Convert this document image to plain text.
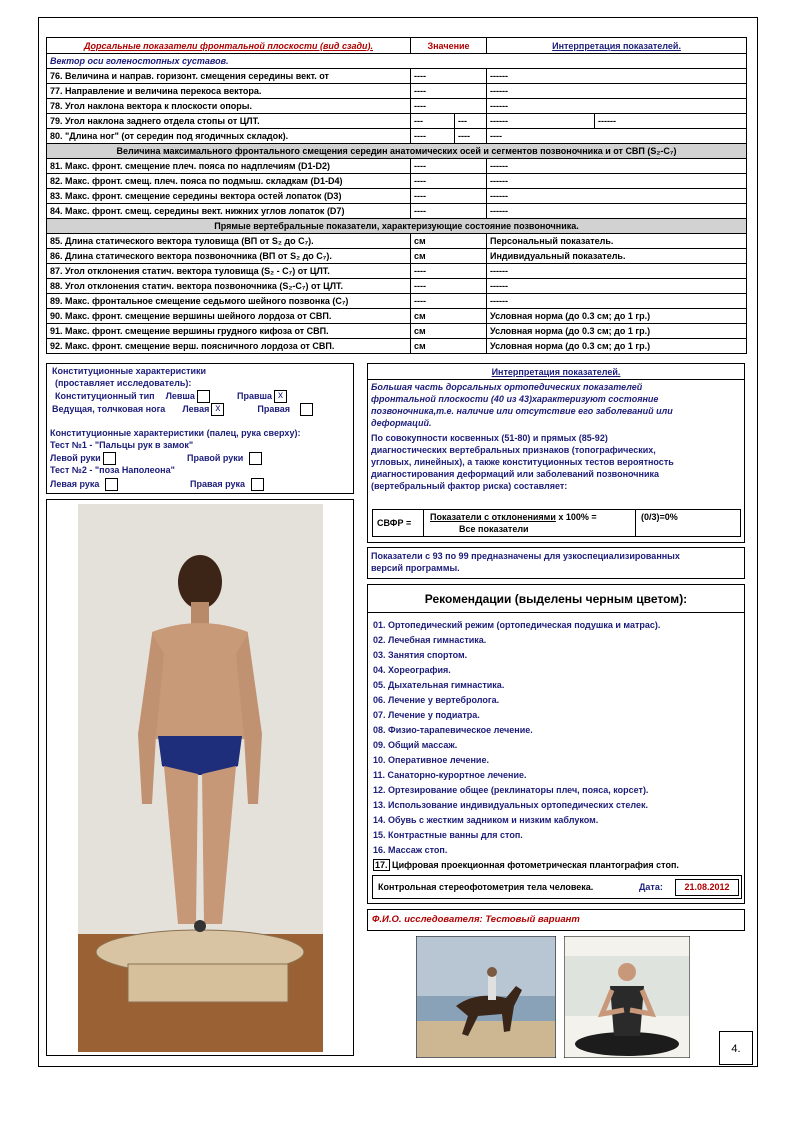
Дорсальные показатели фронтальной плоскости (вид сзади).	Значение		Интерпретация показателей.	
Вектор оси голеностопных суставов.				
76. Величина и направ. горизонт. смещения середины вект. от	----		------	
77. Направление и величина перекоса вектора.	----		------	
78. Угол наклона вектора к плоскости опоры.	----		------	
79. Угол наклона заднего отдела стопы от ЦЛТ.	---	---	------	------
80. "Длина ног" (от середин под ягодичных складок).	----	----	----	
Величина максимального фронтального смещения середин анатомических осей и сегментов позвоночника и от СВП (S₂-C₇)				
81. Макс. фронт. смещение плеч. пояса по надплечиям (D1-D2)	----		------	
82. Макс. фронт. смещ. плеч. пояса по подмыш. складкам (D1-D4)	----		------	
83. Макс. фронт. смещение середины вектора остей лопаток (D3)	----		------	
84. Макс. фронт. смещ. середины вект. нижних углов лопаток (D7)	----		------	
Прямые вертебральные показатели, характеризующие состояние позвоночника.				
85. Длина статического вектора туловища (ВП от S₂ до C₇).	см		Персональный показатель.	
86. Длина статического вектора позвоночника (ВП от S₂ до C₇).	см		Индивидуальный показатель.	
87. Угол отклонения статич. вектора туловища (S₂ - C₇) от ЦЛТ.	----		------	
88. Угол отклонения статич. вектора позвоночника (S₂-C₇) от ЦЛТ.	----		------	
89. Макс. фронтальное смещение седьмого шейного позвонка (C₇)	----		------	
90. Макс. фронт. смещение вершины шейного лордоза от СВП.	см		Условная норма (до 0.3 см; до 1 гр.)	
91. Макс. фронт. смещение вершины грудного кифоза от СВП.	см		Условная норма (до 0.3 см; до 1 гр.)	
92. Макс. фронт. смещение верш. поясничного лордоза от СВП.	см		Условная норма (до 0.3 см; до 1 гр.)	
Конституционные характеристики
(проставляет исследователь):
Конституционный тип Левша	Правша x
Ведущая, толчковая нога Левая x	Правая
Конституционные характеристики (палец, рука сверху):
Тест №1 - "Пальцы рук в замок"
Левой руки	Правой руки
Тест №2 - "поза Наполеона"
Левая рука	Правая рука
Интерпретация показателей.
Большая часть дорсальных ортопедических показателей
фронтальной плоскости (40 из 43)характеризуют состояние
позвоночника,т.е. наличие или отсутствие его заболеваний или
деформаций.
По совокупности косвенных (51-80) и прямых (85-92)
диагностических вертебральных признаков (топографических,
угловых, линейных), а также конституционных тестов вероятность
диагностирования деформаций или заболеваний позвоночника
(вертебральный фактор риска) составляет:
СВФР =
Показатели с отклонениями х 100% =
Все показатели
(0/3)=0%
Показатели с 93 по 99 предназначены для узкоспециализированных
версий программы.
Рекомендации (выделены черным цветом):
01. Ортопедический режим (ортопедическая подушка и матрас).
02. Лечебная гимнастика.
03. Занятия спортом.
04. Хореография.
05. Дыхательная гимнастика.
06. Лечение у вертебролога.
07. Лечение у подиатра.
08. Физио-тарапевическое лечение.
09. Общий массаж.
10. Оперативное лечение.
11. Санаторно-курортное лечение.
12. Ортезирование общее (реклинаторы плеч, поясa, корсет).
13. Использование индивидуальных ортопедических стелек.
14. Обувь с жестким задником и низким каблуком.
15. Контрастные ванны для стоп.
16. Массаж стоп.
17. Цифровая проекционная фотометрическая плантография стоп.
Контрольная стереофотометрия тела человека.	Дата:	21.08.2012
Ф.И.О. исследователя: Тестовый вариант
4.
